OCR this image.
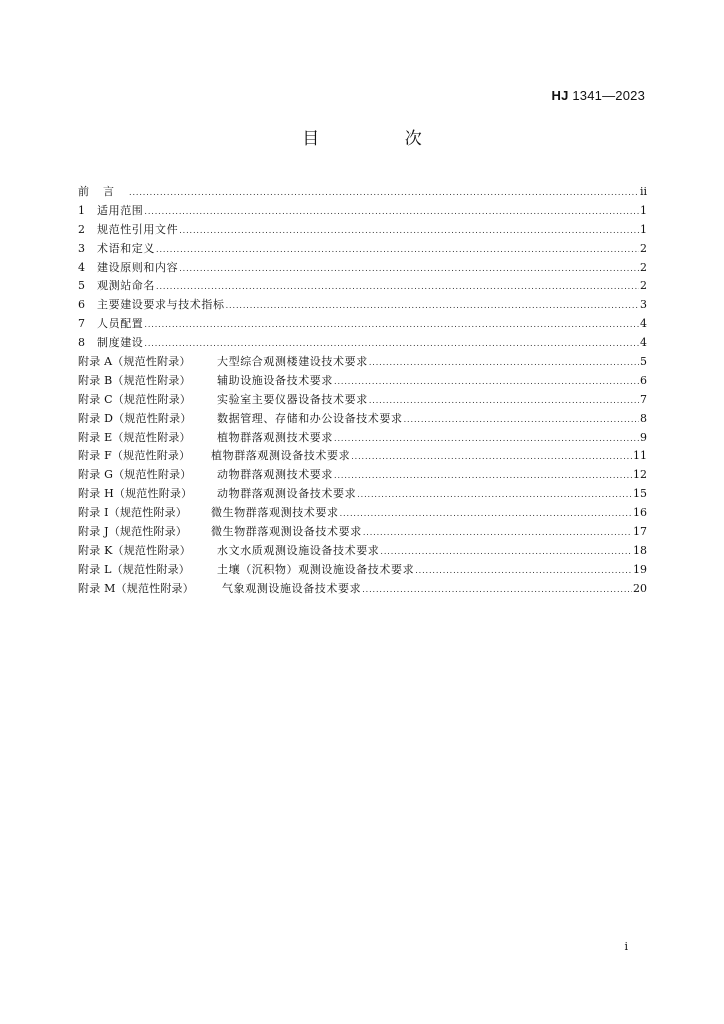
HJ 1341—2023
目 次
前言 .....	ii
1	适用范围 .....	1
2	规范性引用文件 .....	1
3	术语和定义 .....	2
4	建设原则和内容 .....	2
5	观测站命名 .....	2
6	主要建设要求与技术指标 .....	3
7	人员配置 .....	4
8	制度建设 .....	4
附录 A（规范性附录）	大型综合观测楼建设技术要求 .....	5
附录 B（规范性附录）	辅助设施设备技术要求 .....	6
附录 C（规范性附录）	实验室主要仪器设备技术要求 .....	7
附录 D（规范性附录）	数据管理、存储和办公设备技术要求 .....	8
附录 E（规范性附录）	植物群落观测技术要求 .....	9
附录 F（规范性附录）	植物群落观测设备技术要求 .....	11
附录 G（规范性附录）	动物群落观测技术要求 .....	12
附录 H（规范性附录）	动物群落观测设备技术要求 .....	15
附录 I（规范性附录）	微生物群落观测技术要求 .....	16
附录 J（规范性附录）	微生物群落观测设备技术要求 .....	17
附录 K（规范性附录）	水文水质观测设施设备技术要求 .....	18
附录 L（规范性附录）	土壤（沉积物）观测设施设备技术要求 .....	19
附录 M（规范性附录）	气象观测设施设备技术要求 .....	20
i
